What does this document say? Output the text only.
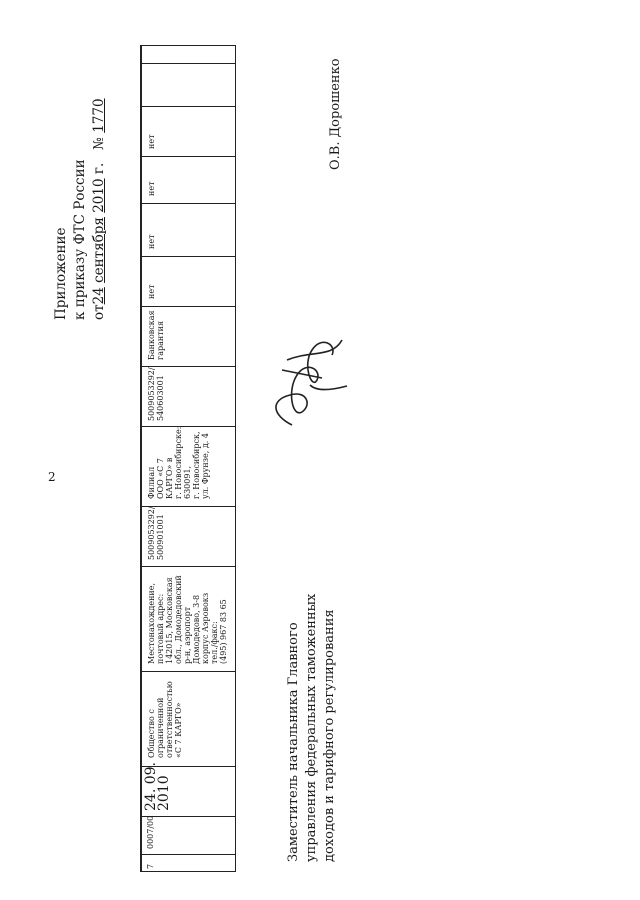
2
Приложение к приказу ФТС России от24 сентября 2010 г.   № 1770
7
0007/00
24. 09. 2010
Общество с ограниченной ответственностью «С 7 КАРГО»
Местонахождение, почтовый адрес: 142015, Московская обл., Домодедовский р-н, аэропорт Домодедово, 3-8 корпус Аэровокз тел./факс: (495) 967 83 65
5009053292/ 500901001
Филиал ООО «С 7 КАРГО» в г. Новосибирске: 630091, г. Новосибирск, ул. Фрунзе, д. 4
5009053292/ 540603001
Банковская гарантия
нет
нет
нет
нет
Заместитель начальника Главного управления федеральных таможенных доходов и тарифного регулирования
О.В. Дорошенко
